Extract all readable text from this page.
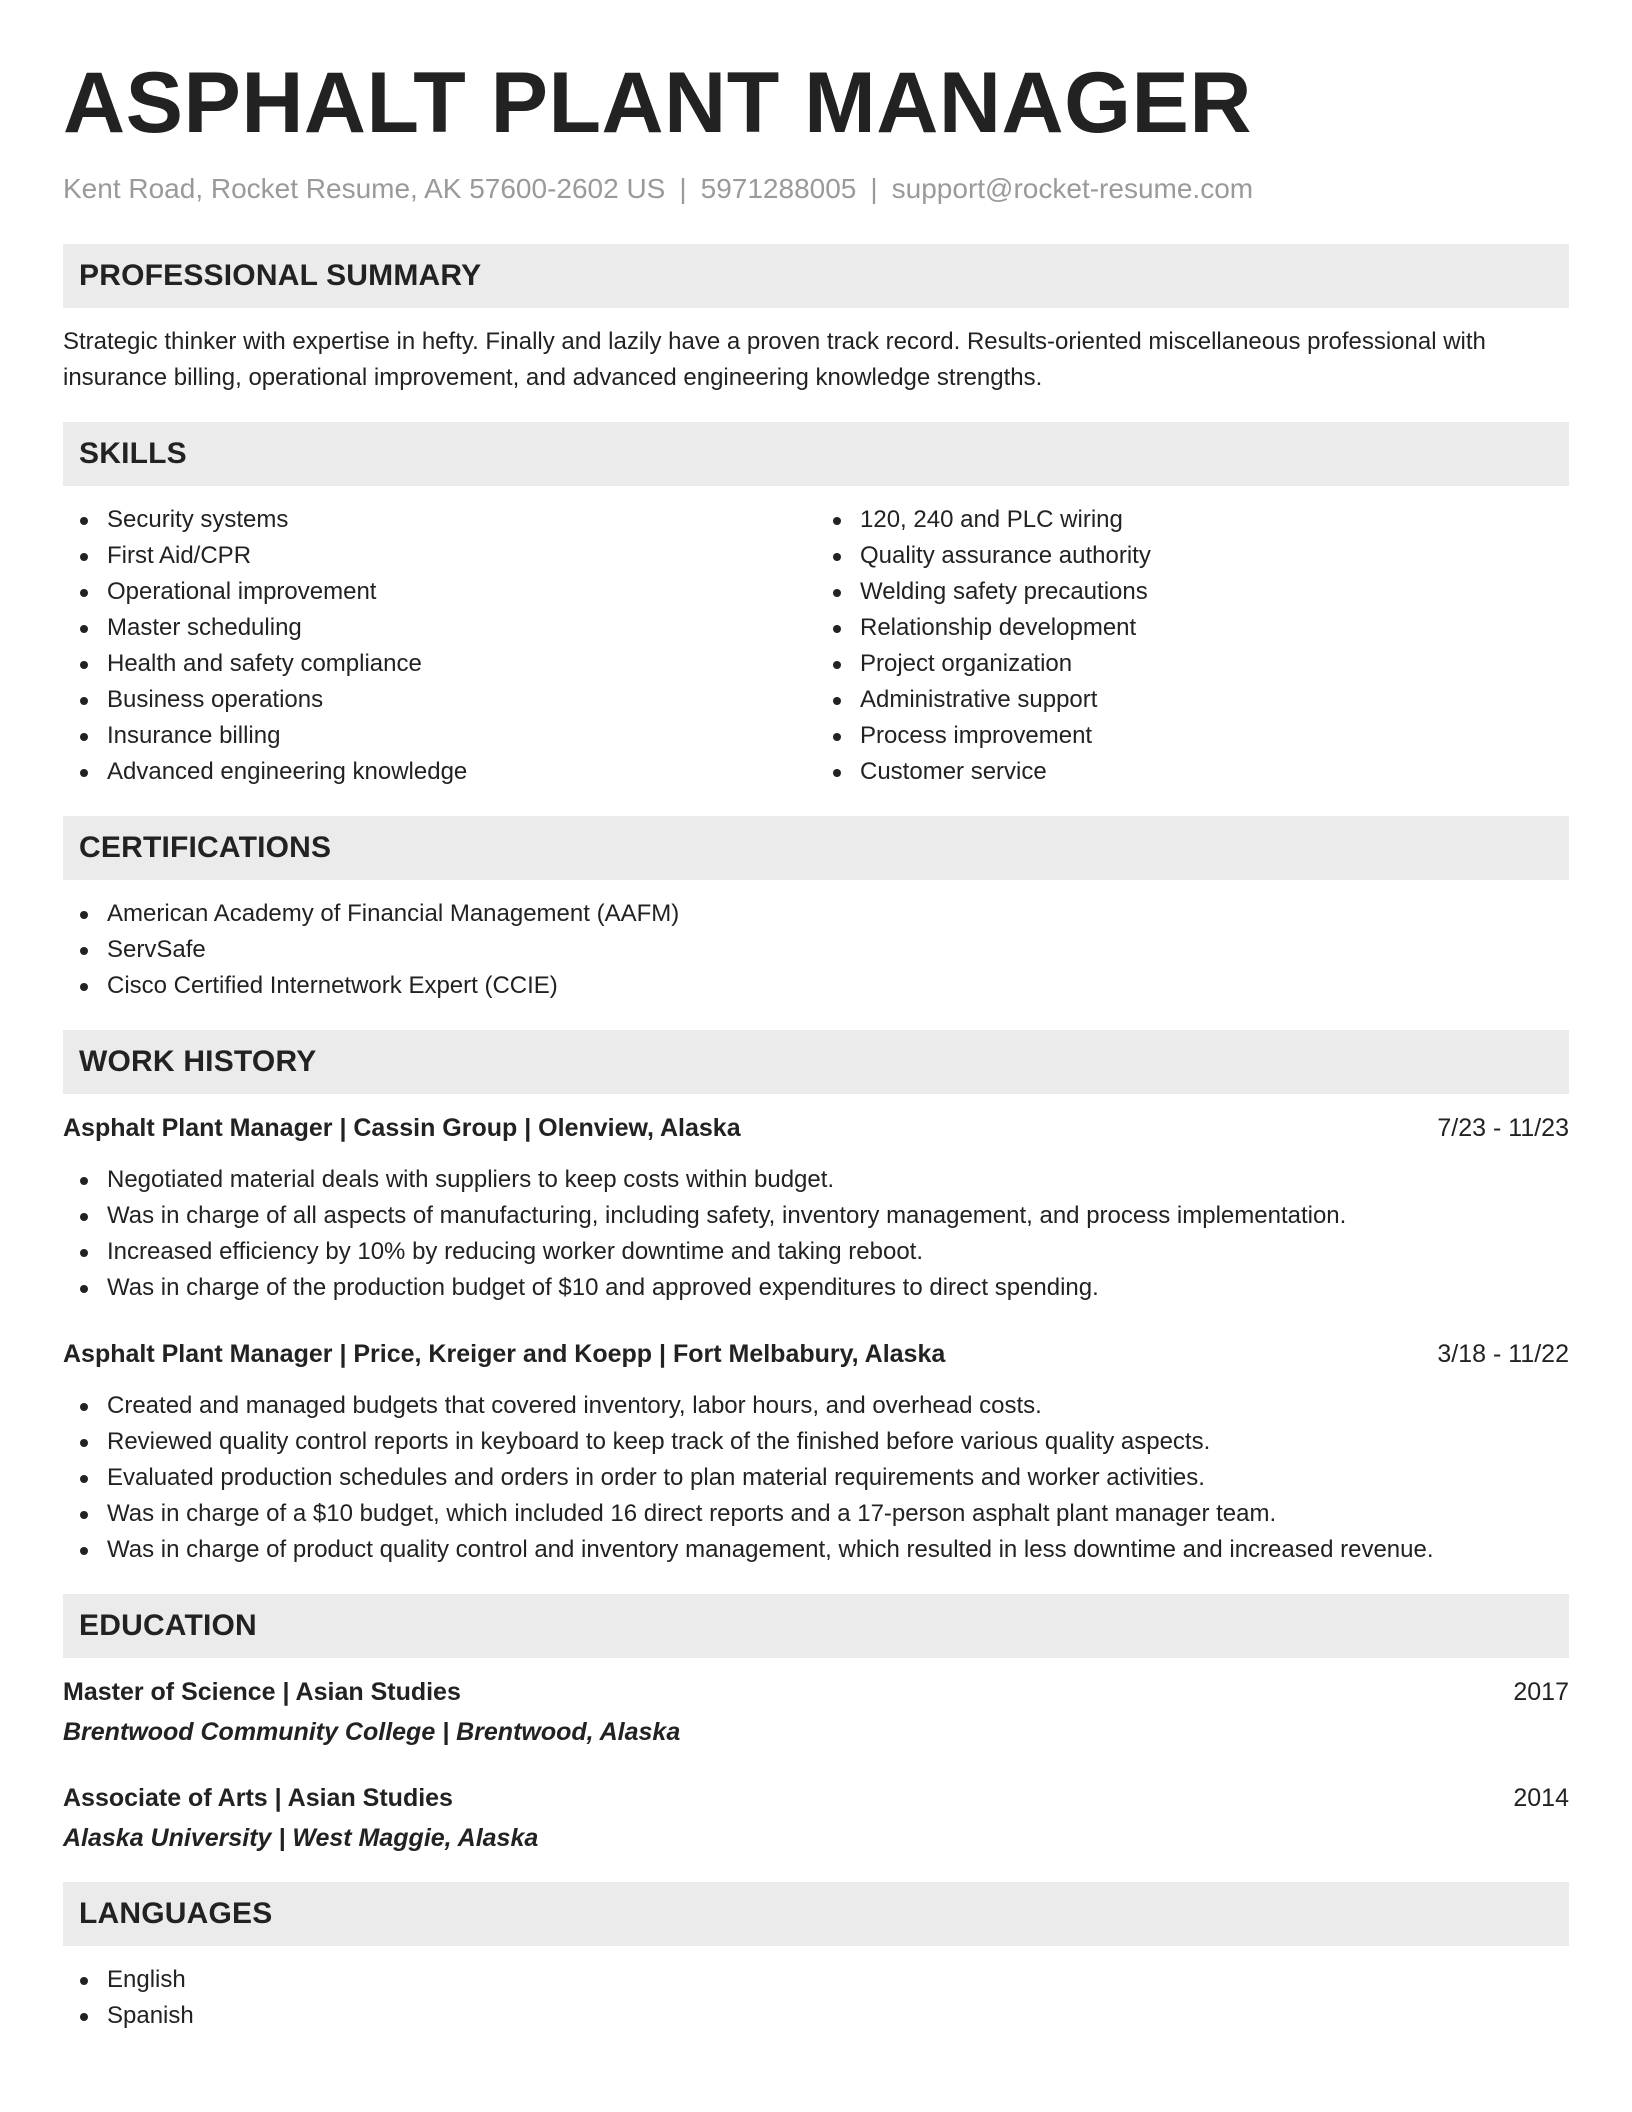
ASPHALT PLANT MANAGER
Kent Road, Rocket Resume, AK 57600-2602 US | 5971288005 | support@rocket-resume.com
PROFESSIONAL SUMMARY

Strategic thinker with expertise in hefty. Finally and lazily have a proven track record. Results-oriented miscellaneous professional with insurance billing, operational improvement, and advanced engineering knowledge strengths.

SKILLS
Security systems
First Aid/CPR
Operational improvement
Master scheduling
Health and safety compliance
Business operations
Insurance billing
Advanced engineering knowledge
120, 240 and PLC wiring
Quality assurance authority
Welding safety precautions
Relationship development
Project organization
Administrative support
Process improvement
Customer service
CERTIFICATIONS
American Academy of Financial Management (AAFM)
ServSafe
Cisco Certified Internetwork Expert (CCIE)
WORK HISTORY
Asphalt Plant Manager | Cassin Group | Olenview, Alaska	7/23 - 11/23
Negotiated material deals with suppliers to keep costs within budget.
Was in charge of all aspects of manufacturing, including safety, inventory management, and process implementation.
Increased efficiency by 10% by reducing worker downtime and taking reboot.
Was in charge of the production budget of $10 and approved expenditures to direct spending.
Asphalt Plant Manager | Price, Kreiger and Koepp | Fort Melbabury, Alaska	3/18 - 11/22
Created and managed budgets that covered inventory, labor hours, and overhead costs.
Reviewed quality control reports in keyboard to keep track of the finished before various quality aspects.
Evaluated production schedules and orders in order to plan material requirements and worker activities.
Was in charge of a $10 budget, which included 16 direct reports and a 17-person asphalt plant manager team.
Was in charge of product quality control and inventory management, which resulted in less downtime and increased revenue.
EDUCATION
Master of Science | Asian Studies	2017
Brentwood Community College | Brentwood, Alaska
Associate of Arts | Asian Studies	2014
Alaska University | West Maggie, Alaska
LANGUAGES
English
Spanish
